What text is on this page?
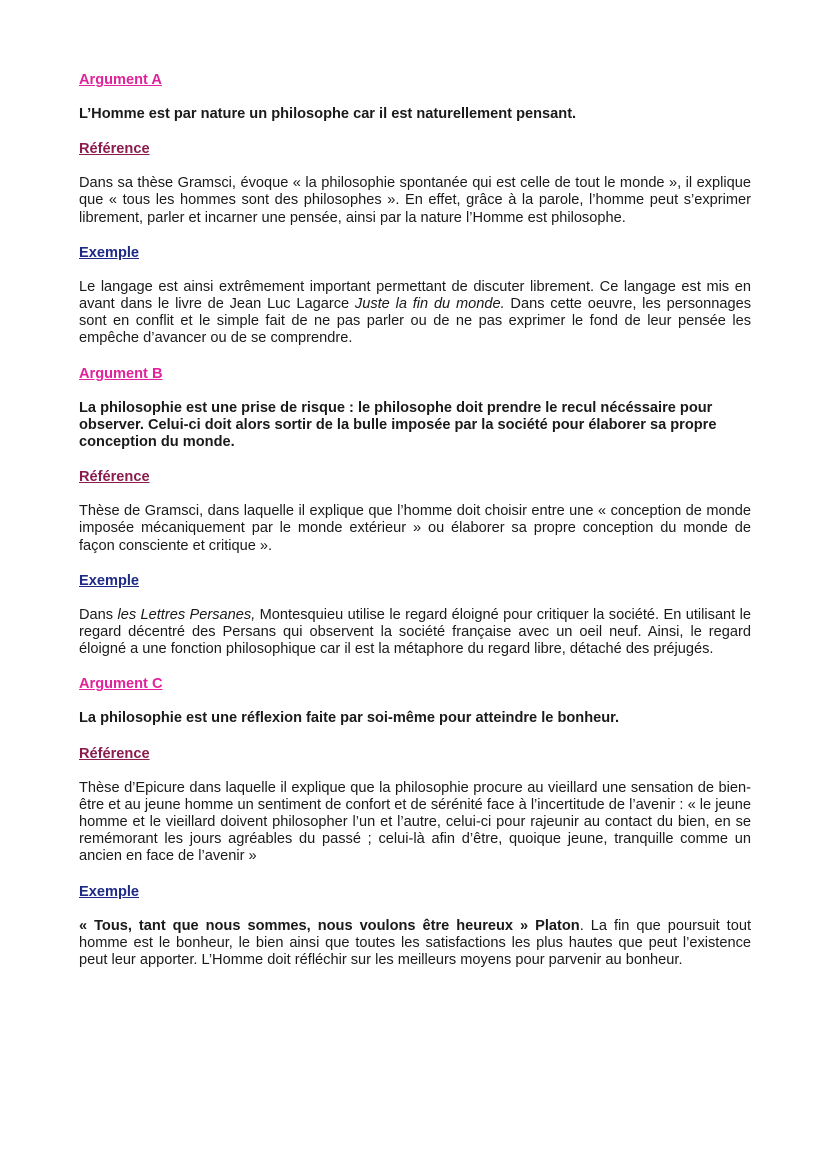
Argument A
L’Homme est par nature un philosophe car il est naturellement pensant.
Référence
Dans sa thèse Gramsci, évoque « la philosophie spontanée qui est celle de tout le monde », il explique que « tous les hommes sont des philosophes ». En effet, grâce à la parole, l’homme peut s’exprimer librement, parler et incarner une pensée, ainsi par la nature l’Homme est philosophe.
Exemple
Le langage est ainsi extrêmement important permettant de discuter librement. Ce langage est mis en avant dans le livre de Jean Luc Lagarce Juste la fin du monde. Dans cette oeuvre, les personnages sont en conflit et le simple fait de ne pas parler ou de ne pas exprimer le fond de leur pensée les empêche d’avancer ou de se comprendre.
Argument B
La philosophie est une prise de risque : le philosophe doit prendre le recul nécéssaire pour observer. Celui-ci doit alors sortir de la bulle imposée par la société pour élaborer sa propre conception du monde.
Référence
Thèse de Gramsci, dans laquelle il explique que l’homme doit choisir entre une « conception de monde imposée mécaniquement par le monde extérieur » ou élaborer sa propre conception du monde de façon consciente et critique ».
Exemple
Dans les Lettres Persanes, Montesquieu utilise le regard éloigné pour critiquer la société. En utilisant le regard décentré des Persans qui observent la société française avec un oeil neuf. Ainsi, le regard éloigné a une fonction philosophique car il est la métaphore du regard libre, détaché des préjugés.
Argument C
La philosophie est une réflexion faite par soi-même pour atteindre le bonheur.
Référence
Thèse d’Epicure dans laquelle il explique que la philosophie procure au vieillard une sensation de bien-être et au jeune homme un sentiment de confort et de sérénité face à l’incertitude de l’avenir : « le jeune homme et le vieillard doivent philosopher l’un et l’autre, celui-ci pour rajeunir au contact du bien, en se remémorant les jours agréables du passé ; celui-là afin d’être, quoique jeune, tranquille comme un ancien en face de l’avenir »
Exemple
« Tous, tant que nous sommes, nous voulons être heureux » Platon. La fin que poursuit tout homme est le bonheur, le bien ainsi que toutes les satisfactions les plus hautes que peut l’existence peut leur apporter. L’Homme doit réfléchir sur les meilleurs moyens pour parvenir au bonheur.
